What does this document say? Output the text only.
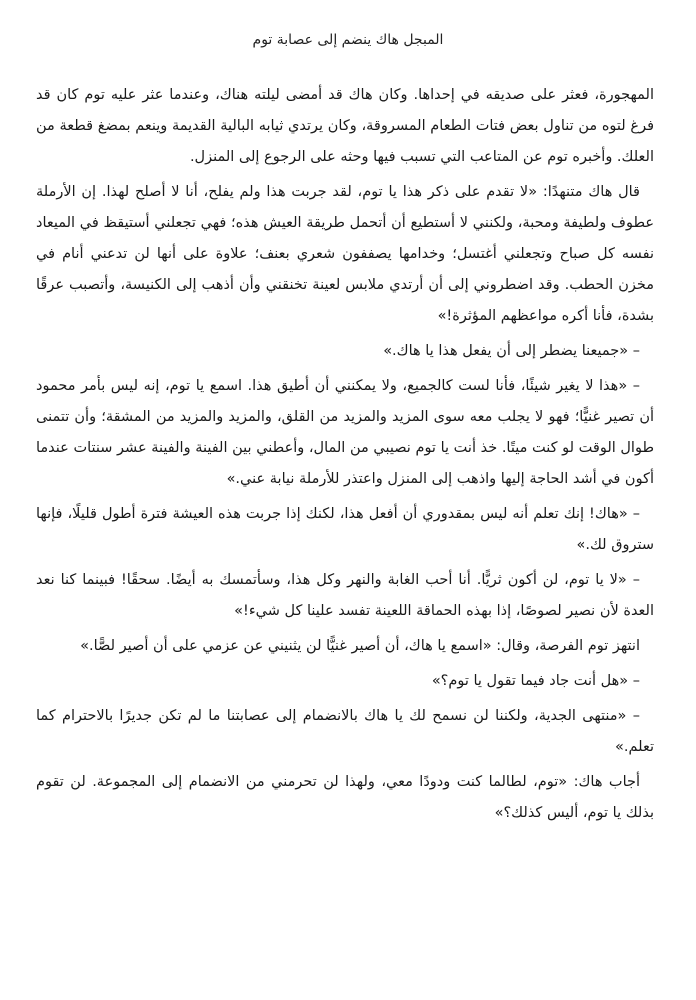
المبجل هاك ينضم إلى عصابة توم

المهجورة، فعثر على صديقه في إحداها. وكان هاك قد أمضى ليلته هناك، وعندما عثر عليه توم كان قد فرغ لتوه من تناول بعض فتات الطعام المسروقة، وكان يرتدي ثيابه البالية القديمة وينعم بمضغ قطعة من العلك. وأخبره توم عن المتاعب التي تسبب فيها وحثه على الرجوع إلى المنزل.

قال هاك متنهدًا: «لا تقدم على ذكر هذا يا توم، لقد جربت هذا ولم يفلح، أنا لا أصلح لهذا. إن الأرملة عطوف ولطيفة ومحبة، ولكنني لا أستطيع أن أتحمل طريقة العيش هذه؛ فهي تجعلني أستيقظ في الميعاد نفسه كل صباح وتجعلني أغتسل؛ وخدامها يصففون شعري بعنف؛ علاوة على أنها لن تدعني أنام في مخزن الحطب. وقد اضطروني إلى أن أرتدي ملابس لعينة تخنقني وأن أذهب إلى الكنيسة، وأتصبب عرقًا بشدة، فأنا أكره مواعظهم المؤثرة!»

– «جميعنا يضطر إلى أن يفعل هذا يا هاك.»

– «هذا لا يغير شيئًا، فأنا لست كالجميع، ولا يمكنني أن أطيق هذا. اسمع يا توم، إنه ليس بأمر محمود أن تصير غنيًّا؛ فهو لا يجلب معه سوى المزيد والمزيد من القلق، والمزيد والمزيد من المشقة؛ وأن تتمنى طوال الوقت لو كنت ميتًا. خذ أنت يا توم نصيبي من المال، وأعطني بين الفينة والفينة عشر سنتات عندما أكون في أشد الحاجة إليها واذهب إلى المنزل واعتذر للأرملة نيابة عني.»

– «هاك! إنك تعلم أنه ليس بمقدوري أن أفعل هذا، لكنك إذا جربت هذه العيشة فترة أطول قليلًا، فإنها ستروق لك.»

– «لا يا توم، لن أكون ثريًّا. أنا أحب الغابة والنهر وكل هذا، وسأتمسك به أيضًا. سحقًا! فبينما كنا نعد العدة لأن نصير لصوصًا، إذا بهذه الحماقة اللعينة تفسد علينا كل شيء!»

انتهز توم الفرصة، وقال: «اسمع يا هاك، أن أصير غنيًّا لن يثنيني عن عزمي على أن أصير لصًّا.»

– «هل أنت جاد فيما تقول يا توم؟»

– «منتهى الجدية، ولكننا لن نسمح لك يا هاك بالانضمام إلى عصابتنا ما لم تكن جديرًا بالاحترام كما تعلم.»

أجاب هاك: «توم، لطالما كنت ودودًا معي، ولهذا لن تحرمني من الانضمام إلى المجموعة. لن تقوم بذلك يا توم، أليس كذلك؟»
